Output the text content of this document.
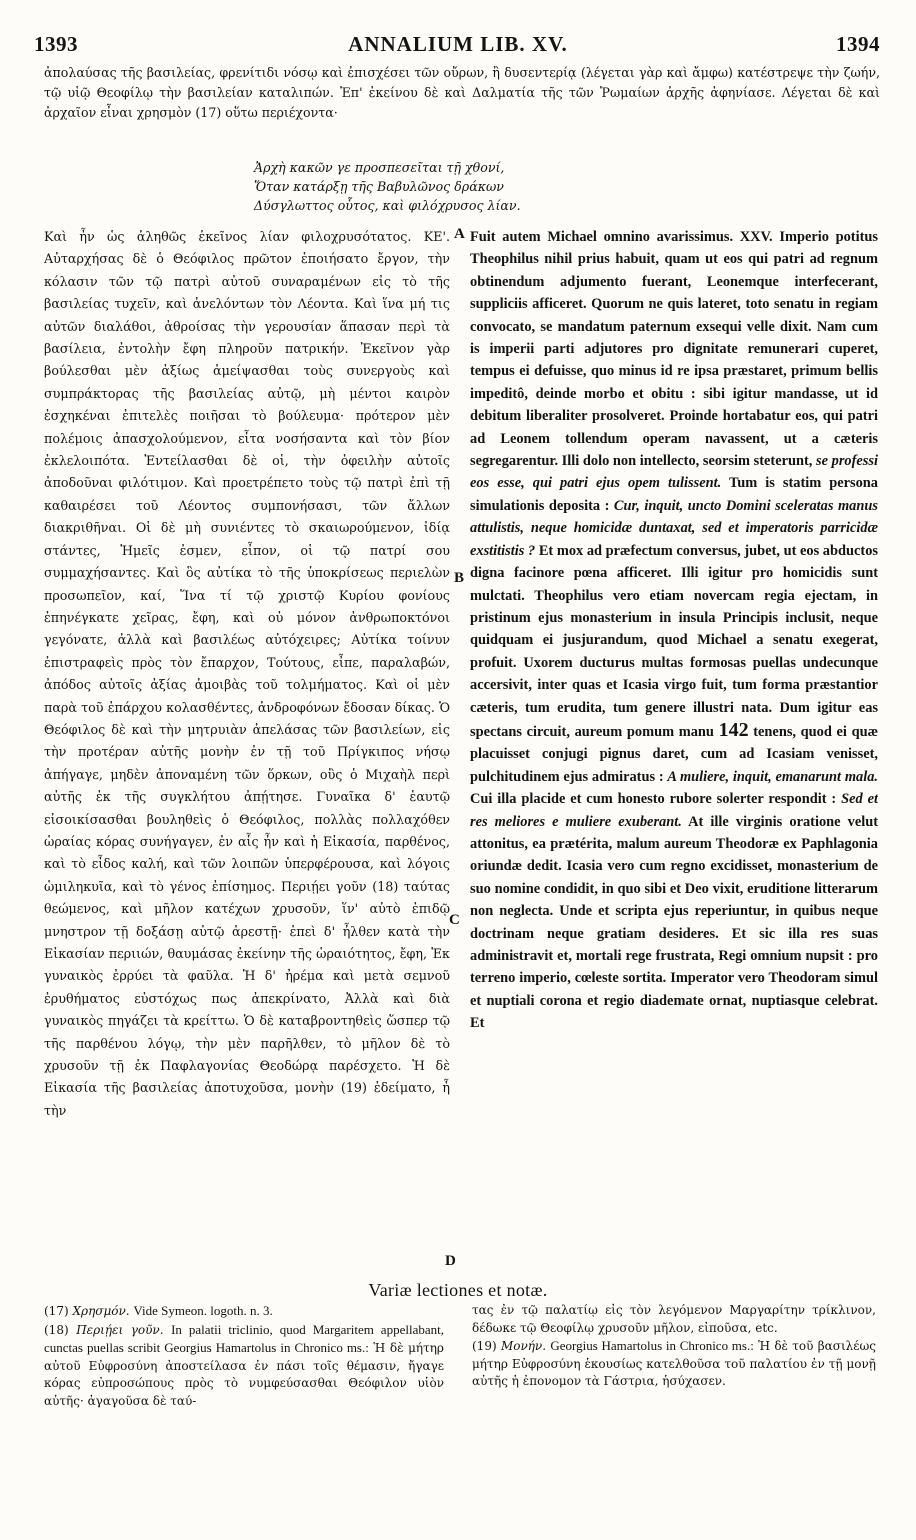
1393	ANNALIUM LIB. XV.	1394

ἀπολαύσας τῆς βασιλείας, φρενίτιδι νόσῳ καὶ ἐπισχέσει τῶν οὔρων, ἢ δυσεντερίᾳ (λέγεται γὰρ καὶ ἄμφω) κατέστρεψε τὴν ζωήν, τῷ υἱῷ Θεοφίλῳ τὴν βασιλείαν καταλιπών. Ἐπ' ἐκείνου δὲ καὶ Δαλματία τῆς τῶν Ῥωμαίων ἀρχῆς ἀφηνίασε. Λέγεται δὲ καὶ ἀρχαῖον εἶναι χρησμὸν (17) οὕτω περιέχοντα·

Ἀρχὴ κακῶν γε προσπεσεῖται τῇ χθονί,
Ὅταν κατάρξῃ τῆς Βαβυλῶνος δράκων
Δύσγλωττος οὗτος, καὶ φιλόχρυσος λίαν.

Καὶ ἦν ὡς ἀληθῶς ἐκεῖνος λίαν φιλοχρυσότατος. ΚΕ'. Αὐταρχήσας δὲ ὁ Θεόφιλος πρῶτον ἐποιήσατο ἔργον, τὴν κόλασιν τῶν τῷ πατρὶ αὐτοῦ συναραμένων εἰς τὸ τῆς βασιλείας τυχεῖν, καὶ ἀνελόντων τὸν Λέοντα. Καὶ ἵνα μή τις αὐτῶν διαλάθοι, ἀθροίσας τὴν γερουσίαν ἅπασαν περὶ τὰ βασίλεια, ἐντολὴν ἔφη πληροῦν πατρικήν. Ἐκεῖνον γὰρ βούλεσθαι μὲν ἀξίως ἀμείψασθαι τοὺς συνεργοὺς καὶ συμπράκτορας τῆς βασιλείας αὐτῷ, μὴ μέντοι καιρὸν ἐσχηκέναι ἐπιτελὲς ποιῆσαι τὸ βούλευμα· πρότερον μὲν πολέμοις ἀπασχολούμενον, εἶτα νοσήσαντα καὶ τὸν βίον ἐκλελοιπότα. Ἐντείλασθαι δὲ οἱ, τὴν ὀφειλὴν αὐτοῖς ἀποδοῦναι φιλότιμον. Καὶ προετρέπετο τοὺς τῷ πατρὶ ἐπὶ τῇ καθαιρέσει τοῦ Λέοντος συμπονήσασι, τῶν ἄλλων διακριθῆναι. Οἱ δὲ μὴ συνιέντες τὸ σκαιωρούμενον, ἰδίᾳ στάντες, Ἡμεῖς ἐσμεν, εἶπον, οἱ τῷ πατρί σου συμμαχήσαντες. Καὶ ὃς αὐτίκα τὸ τῆς ὑποκρίσεως περιελὼν προσωπεῖον, καί, Ἵνα τί τῷ χριστῷ Κυρίου φονίους ἐπηνέγκατε χεῖρας, ἔφη, καὶ οὐ μόνον ἀνθρωποκτόνοι γεγόνατε, ἀλλὰ καὶ βασιλέως αὐτόχειρες; Αὐτίκα τοίνυν ἐπιστραφεὶς πρὸς τὸν ἔπαρχον, Τούτους, εἶπε, παραλαβών, ἀπόδος αὐτοῖς ἀξίας ἀμοιβὰς τοῦ τολμήματος. Καὶ οἱ μὲν παρὰ τοῦ ἐπάρχου κολασθέντες, ἀνδροφόνων ἔδοσαν δίκας. Ὁ Θεόφιλος δὲ καὶ τὴν μητρυιὰν ἀπελάσας τῶν βασιλείων, εἰς τὴν προτέραν αὐτῆς μονὴν ἐν τῇ τοῦ Πρίγκιπος νήσῳ ἀπήγαγε, μηδὲν ἀποναμένη τῶν ὅρκων, οὓς ὁ Μιχαὴλ περὶ αὐτῆς ἐκ τῆς συγκλήτου ἀπῄτησε. Γυναῖκα δ' ἑαυτῷ εἰσοικίσασθαι βουληθεὶς ὁ Θεόφιλος, πολλὰς πολλαχόθεν ὡραίας κόρας συνήγαγεν, ἐν αἷς ἦν καὶ ἡ Εἰκασία, παρθένος, καὶ τὸ εἶδος καλή, καὶ τῶν λοιπῶν ὑπερφέρουσα, καὶ λόγοις ὡμιληκυῖα, καὶ τὸ γένος ἐπίσημος. Περιῄει γοῦν (18) ταύτας θεώμενος, καὶ μῆλον κατέχων χρυσοῦν, ἵν' αὐτὸ ἐπιδῷ μνηστρον τῇ δοξάσῃ αὐτῷ ἀρεστῇ· ἐπεὶ δ' ἦλθεν κατὰ τὴν Εἰκασίαν περιιών, θαυμάσας ἐκείνην τῆς ὡραιότητος, ἔφη, Ἐκ γυναικὸς ἐρρύει τὰ φαῦλα. Ἡ δ' ἠρέμα καὶ μετὰ σεμνοῦ ἐρυθήματος εὐστόχως πως ἀπεκρίνατο, Ἀλλὰ καὶ διὰ γυναικὸς πηγάζει τὰ κρείττω. Ὁ δὲ καταβροντηθεὶς ὥσπερ τῷ τῆς παρθένου λόγῳ, τὴν μὲν παρῆλθεν, τὸ μῆλον δὲ τὸ χρυσοῦν τῇ ἐκ Παφλαγονίας Θεοδώρᾳ παρέσχετο. Ἡ δὲ Εἰκασία τῆς βασιλείας ἀποτυχοῦσα, μονὴν (19) ἐδείματο, ἧ τὴν

Fuit autem Michael omnino avarissimus. XXV. Imperio potitus Theophilus nihil prius habuit, quam ut eos qui patri ad regnum obtinendum adjumento fuerant, Leonemque interfecerant, suppliciis afficeret. Quorum ne quis lateret, toto senatu in regiam convocato, se mandatum paternum exsequi velle dixit. Nam cum is imperii parti adjutores pro dignitate remunerari cuperet, tempus ei defuisse, quo minus id re ipsa præstaret, primum bellis impeditô, deinde morbo et obitu : sibi igitur mandasse, ut id debitum liberaliter prosolveret. Proinde hortabatur eos, qui patri ad Leonem tollendum operam navassent, ut a cæteris segregarentur. Illi dolo non intellecto, seorsim steterunt, se professi eos esse, qui patri ejus opem tulissent. Tum is statim persona simulationis deposita : Cur, inquit, uncto Domini sceleratas manus attulistis, neque homicidæ duntaxat, sed et imperatoris parricidæ exstitistis ? Et mox ad præfectum conversus, jubet, ut eos abductos digna facinore pœna afficeret. Illi igitur pro homicidis sunt mulctati. Theophilus vero etiam novercam regia ejectam, in pristinum ejus monasterium in insula Principis inclusit, neque quidquam ei jusjurandum, quod Michael a senatu exegerat, profuit. Uxorem ducturus multas formosas puellas undecunque accersivit, inter quas et Icasia virgo fuit, tum forma præstantior cæteris, tum erudita, tum genere illustri nata. Dum igitur eas spectans circuit, aureum pomum manu 142 tenens, quod ei quæ placuisset conjugi pignus daret, cum ad Icasiam venisset, pulchitudinem ejus admiratus : A muliere, inquit, emanarunt mala. Cui illa placide et cum honesto rubore solerter respondit : Sed et res meliores e muliere exuberant. At ille virginis oratione velut attonitus, ea prætérita, malum aureum Theodoræ ex Paphlagonia oriundæ dedit. Icasia vero cum regno excidisset, monasterium de suo nomine condidit, in quo sibi et Deo vixit, eruditione litterarum non neglecta. Unde et scripta ejus reperiuntur, in quibus neque doctrinam neque gratiam desideres. Et sic illa res suas administravit et, mortali rege frustrata, Regi omnium nupsit : pro terreno imperio, cœleste sortita. Imperator vero Theodoram simul et nuptiali corona et regio diademate ornat, nuptiasque celebrat. Et

A
B
C
D
Variæ lectiones et notæ.

(17) Χρησμόν. Vide Symeon. logoth. n. 3.
(18) Περιῄει γοῦν. In palatii triclinio, quod Margaritem appellabant, cunctas puellas scribit Georgius Hamartolus in Chronico ms.: Ἡ δὲ μήτηρ αὐτοῦ Εὐφροσύνη ἀποστείλασα ἐν πάσι τοῖς θέμασιν, ἤγαγε κόρας εὐπροσώπους πρὸς τὸ νυμφεύσασθαι Θεόφιλον υἱὸν αὐτῆς· ἀγαγοῦσα δὲ ταύ-

τας ἐν τῷ παλατίῳ εἰς τὸν λεγόμενον Μαργαρίτην τρίκλινον, δέδωκε τῷ Θεοφίλῳ χρυσοῦν μῆλον, εἰποῦσα, etc.
(19) Μονήν. Georgius Hamartolus in Chronico ms.: Ἡ δὲ τοῦ βασιλέως μήτηρ Εὐφροσύνη ἑκουσίως κατελθοῦσα τοῦ παλατίου ἐν τῇ μονῇ αὐτῆς ἡ ἐπονομον τὰ Γάστρια, ἡσύχασεν.
